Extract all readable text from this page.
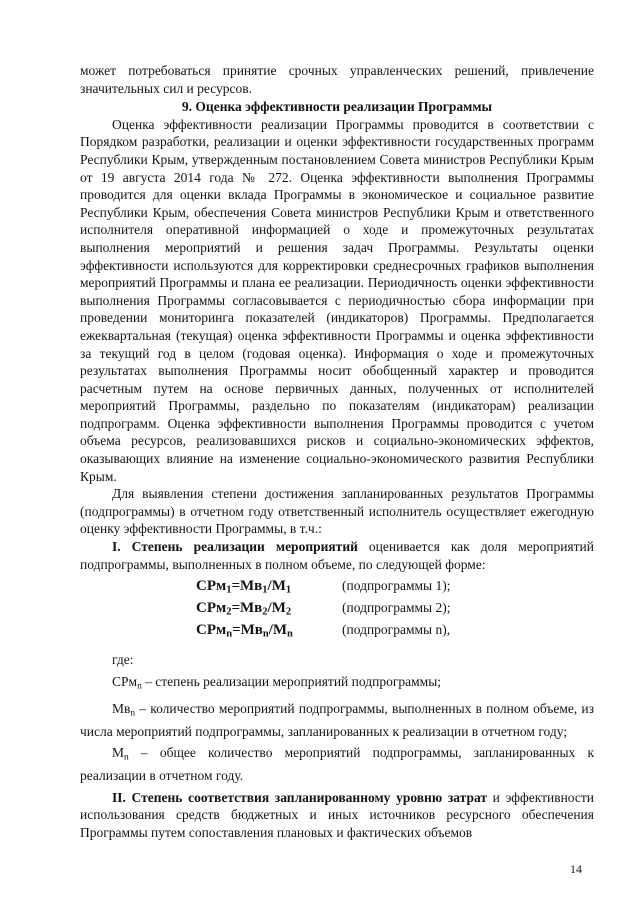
может потребоваться принятие срочных управленческих решений, привлечение значительных сил и ресурсов.

9. Оценка эффективности реализации Программы

Оценка эффективности реализации Программы проводится в соответствии с Порядком разработки, реализации и оценки эффективности государственных программ Республики Крым, утвержденным постановлением Совета министров Республики Крым от 19 августа 2014 года № 272. Оценка эффективности выполнения Программы проводится для оценки вклада Программы в экономическое и социальное развитие Республики Крым, обеспечения Совета министров Республики Крым и ответственного исполнителя оперативной информацией о ходе и промежуточных результатах выполнения мероприятий и решения задач Программы. Результаты оценки эффективности используются для корректировки среднесрочных графиков выполнения мероприятий Программы и плана ее реализации. Периодичность оценки эффективности выполнения Программы согласовывается с периодичностью сбора информации при проведении мониторинга показателей (индикаторов) Программы. Предполагается ежеквартальная (текущая) оценка эффективности Программы и оценка эффективности за текущий год в целом (годовая оценка). Информация о ходе и промежуточных результатах выполнения Программы носит обобщенный характер и проводится расчетным путем на основе первичных данных, полученных от исполнителей мероприятий Программы, раздельно по показателям (индикаторам) реализации подпрограмм. Оценка эффективности выполнения Программы проводится с учетом объема ресурсов, реализовавшихся рисков и социально-экономических эффектов, оказывающих влияние на изменение социально-экономического развития Республики Крым.

Для выявления степени достижения запланированных результатов Программы (подпрограммы) в отчетном году ответственный исполнитель осуществляет ежегодную оценку эффективности Программы, в т.ч.:

I. Степень реализации мероприятий оценивается как доля мероприятий подпрограммы, выполненных в полном объеме, по следующей форме:

$СРм_1=Мв_1/М_1$	(подпрограммы 1);
$СРм_2=Мв_2/М_2$	(подпрограммы 2);
$СРм_n=Мв_n/М_n$	(подпрограммы n),

где:

СРм$_n$ – степень реализации мероприятий подпрограммы;

$Мв_n$ – количество мероприятий подпрограммы, выполненных в полном объеме, из числа мероприятий подпрограммы, запланированных к реализации в отчетном году;

$М_n$ – общее количество мероприятий подпрограммы, запланированных к реализации в отчетном году.

II. Степень соответствия запланированному уровню затрат и эффективности использования средств бюджетных и иных источников ресурсного обеспечения Программы путем сопоставления плановых и фактических объемов

14
